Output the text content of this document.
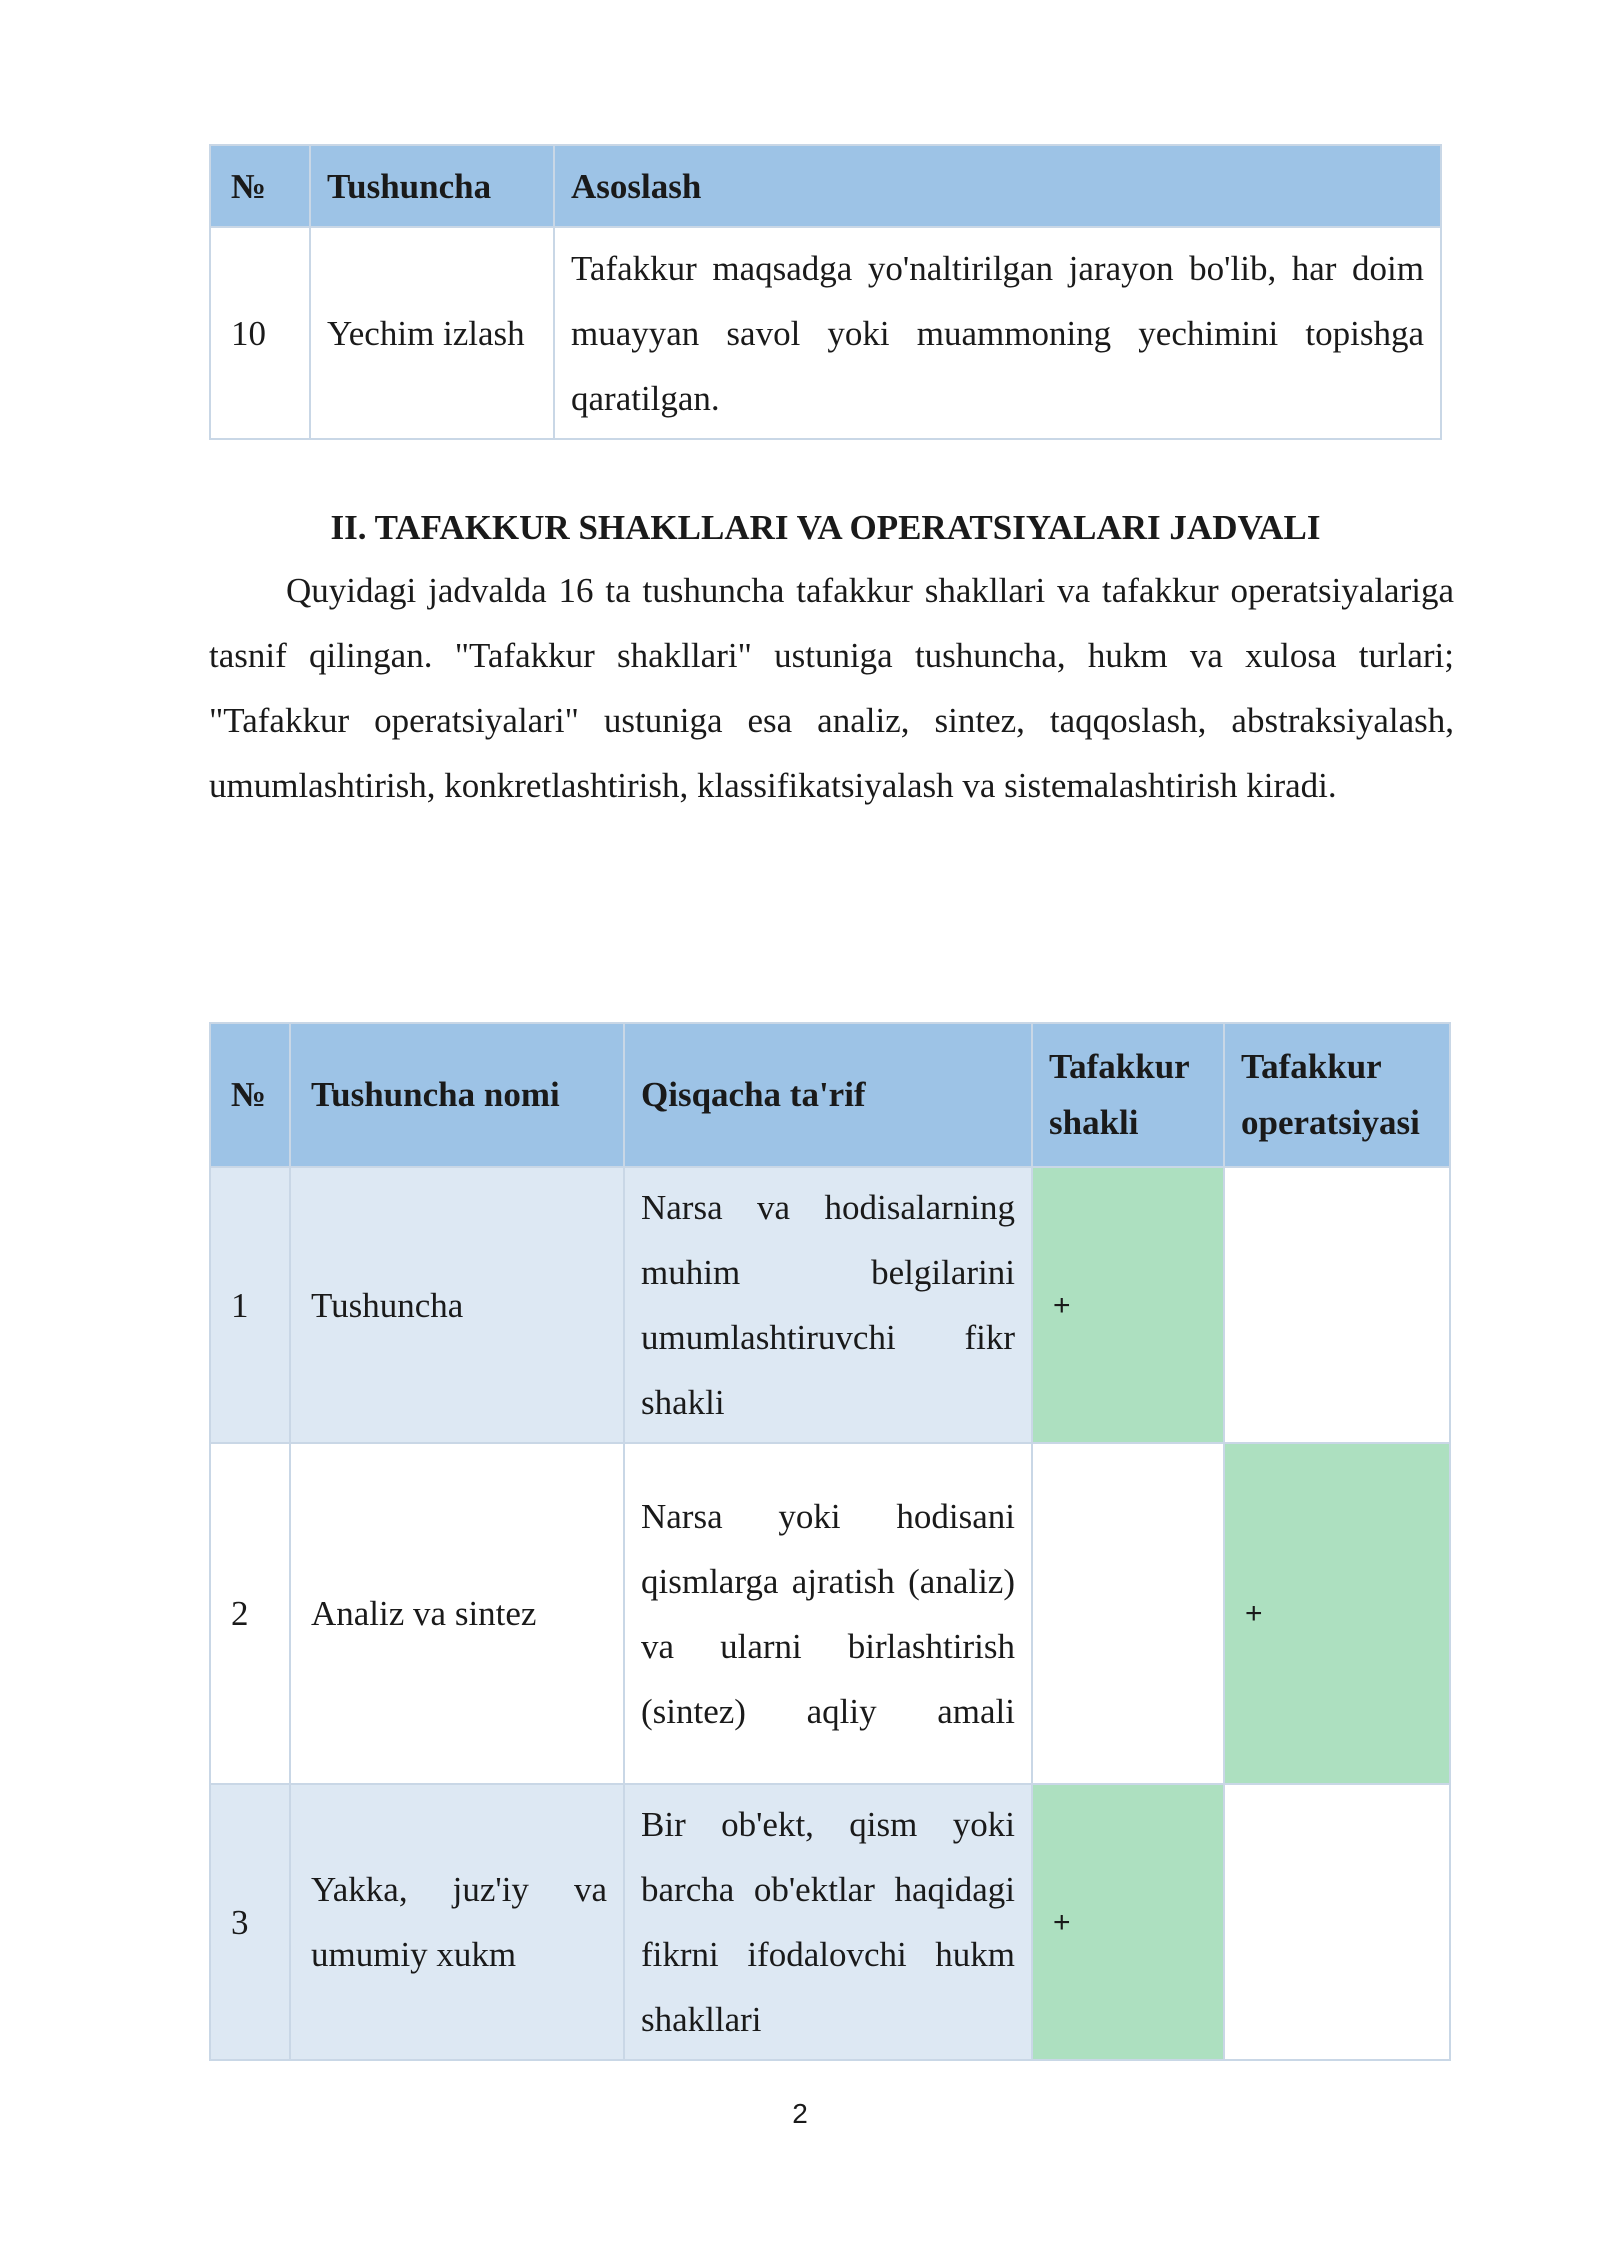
№	Tushuncha	Asoslash
10	Yechim izlash	Tafakkur maqsadga yo'naltirilgan jarayon bo'lib, har doim muayyan savol yoki muammoning yechimini topishga qaratilgan.
II. TAFAKKUR SHAKLLARI VA OPERATSIYALARI JADVALI

Quyidagi jadvalda 16 ta tushuncha tafakkur shakllari va tafakkur operatsiyalariga tasnif qilingan. "Tafakkur shakllari" ustuniga tushuncha, hukm va xulosa turlari; "Tafakkur operatsiyalari" ustuniga esa analiz, sintez, taqqoslash, abstraksiyalash, umumlashtirish, konkretlashtirish, klassifikatsiyalash va sistemalashtirish kiradi.

№	Tushuncha nomi	Qisqacha ta'rif	Tafakkur shakli	Tafakkur operatsiyasi
1	Tushuncha	Narsa va hodisalarning muhim belgilarini umumlashtiruvchi fikr shakli	+	
2	Analiz va sintez	Narsa yoki hodisani qismlarga ajratish (analiz) va ularni birlashtirish (sintez) aqliy amali		+
3	Yakka, juz'iy va umumiy xukm	Bir ob'ekt, qism yoki barcha ob'ektlar haqidagi fikrni ifodalovchi hukm shakllari	+	
2
